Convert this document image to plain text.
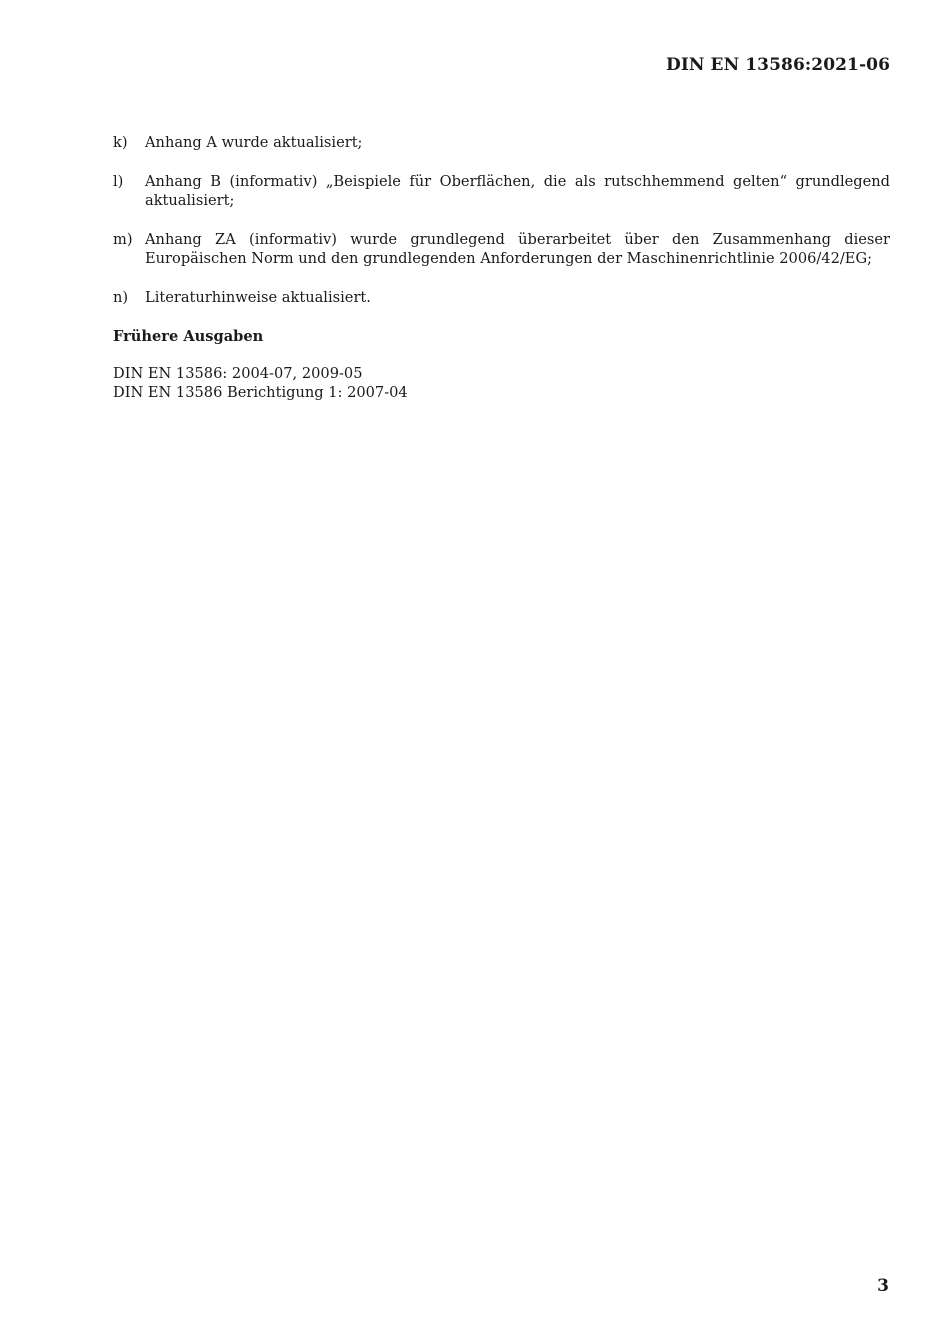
DIN EN 13586:2021-06
k)	Anhang A wurde aktualisiert;
l)	Anhang B (informativ) „Beispiele für Oberflächen, die als rutschhemmend gelten“ grundlegend aktualisiert;
m) Anhang ZA (informativ) wurde grundlegend überarbeitet über den Zusammenhang dieser Europäischen Norm und den grundlegenden Anforderungen der Maschinenrichtlinie 2006/42/EG;
n)	Literaturhinweise aktualisiert.
Frühere Ausgaben
DIN EN 13586: 2004-07, 2009-05
DIN EN 13586 Berichtigung 1: 2007-04
3
